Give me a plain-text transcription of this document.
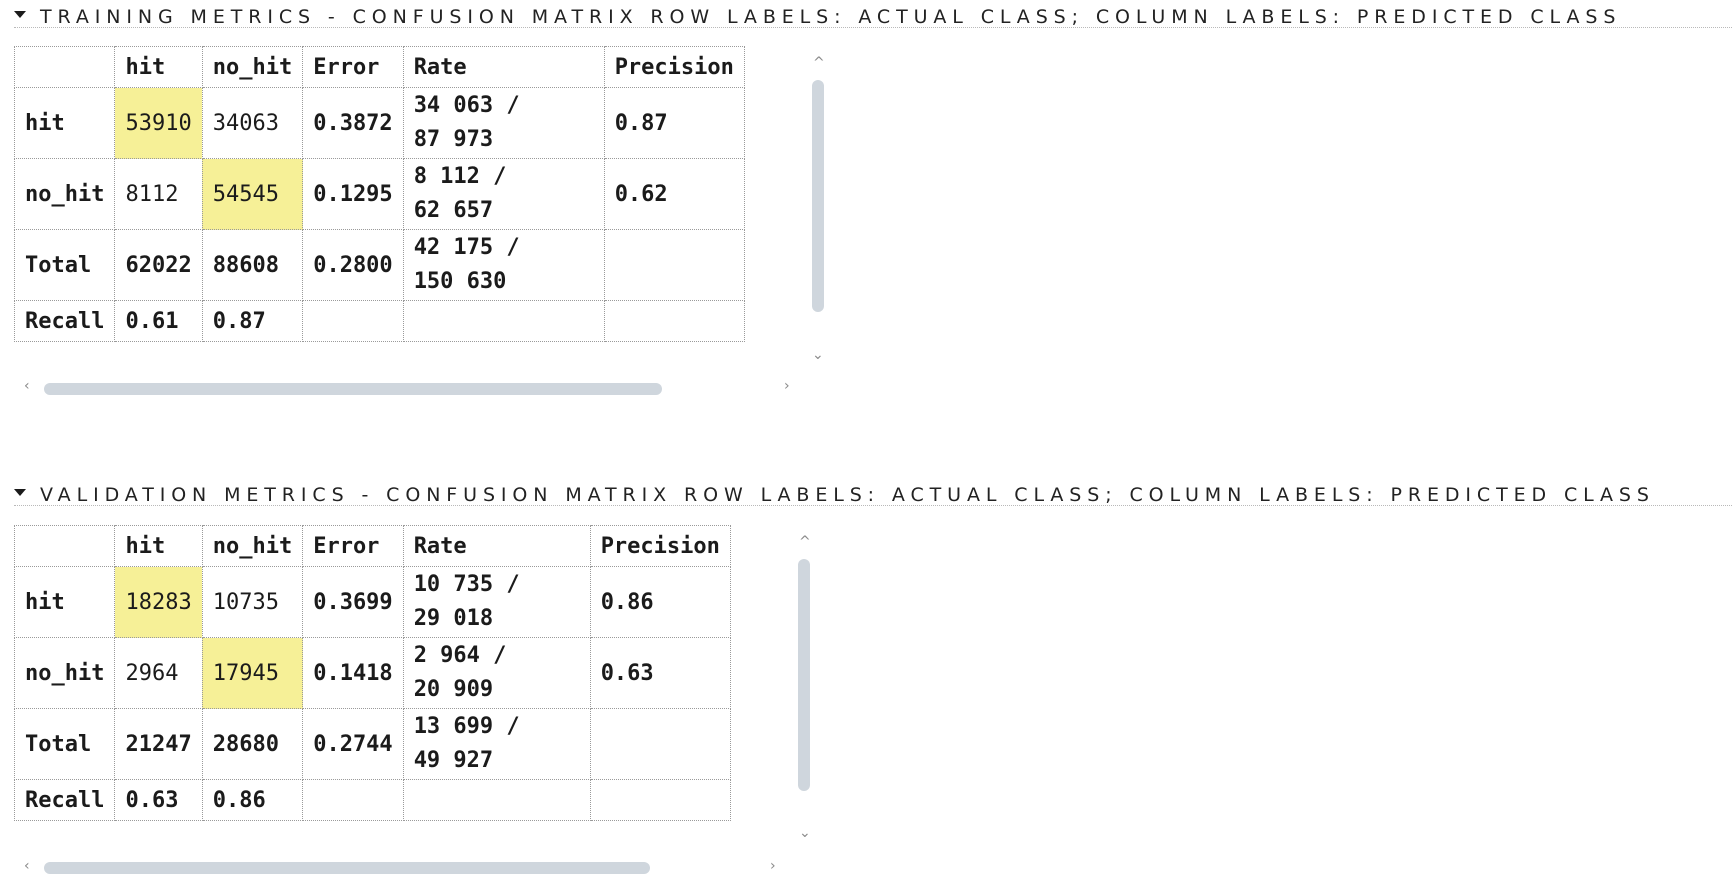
TRAINING METRICS - CONFUSION MATRIX ROW LABELS: ACTUAL CLASS; COLUMN LABELS: PREDICTED CLASS
	hit	no_hit	Error	Rate	Precision
hit	53910	34063	0.3872	34 063 /
87 973	0.87
no_hit	8112	54545	0.1295	8 112 /
62 657	0.62
Total	62022	88608	0.2800	42 175 /
150 630	
Recall	0.61	0.87			
⌄
‹	›
VALIDATION METRICS - CONFUSION MATRIX ROW LABELS: ACTUAL CLASS; COLUMN LABELS: PREDICTED CLASS
	hit	no_hit	Error	Rate	Precision
hit	18283	10735	0.3699	10 735 /
29 018	0.86
no_hit	2964	17945	0.1418	2 964 /
20 909	0.63
Total	21247	28680	0.2744	13 699 /
49 927	
Recall	0.63	0.86			
^
⌄
‹	›
^
